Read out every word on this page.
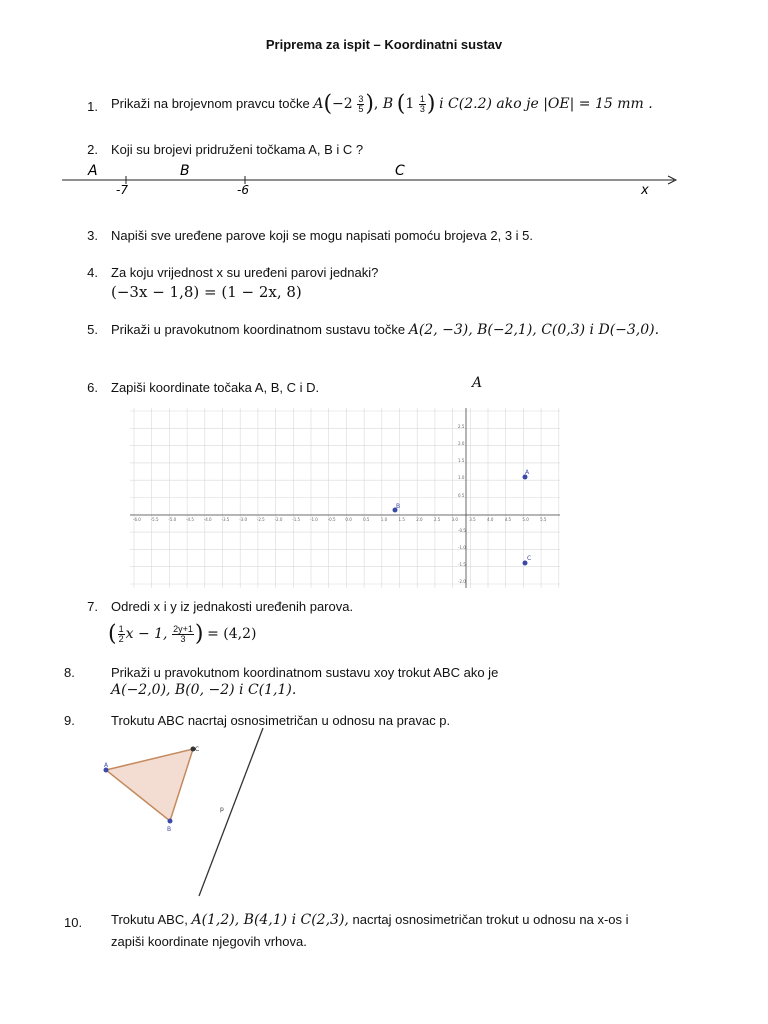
Priprema za ispit – Koordinatni sustav
1. Prikaži na brojevnom pravcu točke $A(-2 \frac{3}{5}$ ), B ($1 \frac{1}{3}$ ) i C(2.2) ako je |OE| = 15 mm .
2. Koji su brojevi pridruženi točkama A, B i C ?
A	B	C
-7	-6	x
3. Napiši sve uređene parove koji se mogu napisati pomoću brojeva 2, 3 i 5.
4. Za koju vrijednost x su uređeni parovi jednaki?
(−3x − 1,8) = (1 − 2x, 8)
5. Prikaži u pravokutnom koordinatnom sustavu točke A(2, −3), B(−2,1), C(0,3) i D(−3,0).
6. Zapiši koordinate točaka A, B, C i D.	A
-6.0 -5.5 -5.0 -4.5 -4.0 -3.5 -3.0 -2.5 -2.0 -1.5 -1.0 -0.5 0.0	0.5	1.0	1.5	2.0	2.5	3.0	3.5	4.0	4.5	5.0	5.5
2.5
2.0
1.5
1.0
0.5
-0.5
-1.0
-1.5
-2.0
B
A
C
7. Odredi x i y iz jednakosti uređenih parova.
( $\frac{1}{2}$ x − 1, $\frac{2y+1}{3}$ ) = (4,2)
8.	Prikaži u pravokutnom koordinatnom sustavu xoy trokut ABC ako je
A(−2,0), B(0, −2) i C(1,1).
9.	Trokutu ABC nacrtaj osnosimetričan u odnosu na pravac p.
A
B
C
p
10.	Trokutu ABC, A(1,2), B(4,1) i C(2,3), nacrtaj osnosimetričan trokut u odnosu na x-os i
zapiši koordinate njegovih vrhova.
